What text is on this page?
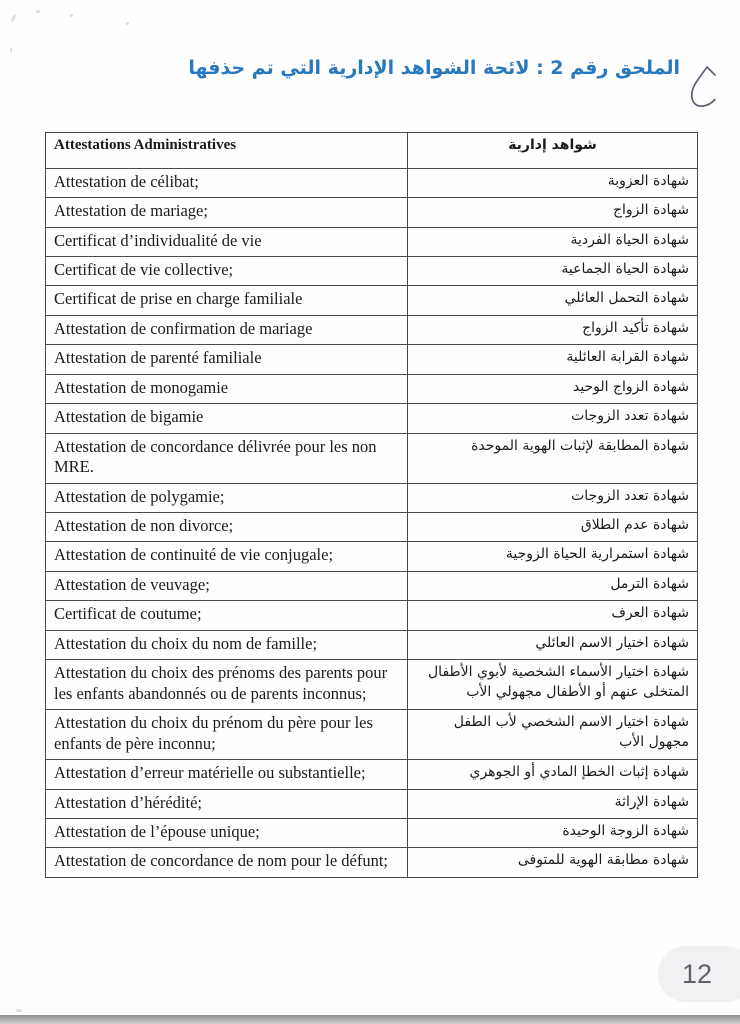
الملحق رقم 2 : لائحة الشواهد الإدارية التي تم حذفها
Attestations Administratives	شواهد إدارية
Attestation de célibat;	شهادة العزوبة
Attestation de mariage;	شهادة الزواج
Certificat d’individualité de vie	شهادة الحياة الفردية
Certificat de vie collective;	شهادة الحياة الجماعية
Certificat de prise en charge familiale	شهادة التحمل العائلي
Attestation de confirmation de mariage	شهادة تأكيد الزواج
Attestation de parenté familiale	شهادة القرابة العائلية
Attestation de monogamie	شهادة الزواج الوحيد
Attestation de bigamie	شهادة تعدد الزوجات
Attestation de concordance délivrée pour les non MRE.	شهادة المطابقة لإثبات الهوية الموحدة
Attestation de polygamie;	شهادة تعدد الزوجات
Attestation de non divorce;	شهادة عدم الطلاق
Attestation de continuité de vie conjugale;	شهادة استمرارية الحياة الزوجية
Attestation de veuvage;	شهادة الترمل
Certificat de coutume;	شهادة العرف
Attestation du choix du nom de famille;	شهادة اختيار الاسم العائلي
Attestation du choix des prénoms des parents pour les enfants abandonnés ou de parents inconnus;	شهادة اختيار الأسماء الشخصية لأبوي الأطفال المتخلى عنهم أو الأطفال مجهولي الأب
Attestation du choix du prénom du père pour les enfants de père inconnu;	شهادة اختيار الاسم الشخصي لأب الطفل مجهول الأب
Attestation d’erreur matérielle ou substantielle;	شهادة إثبات الخطإ المادي أو الجوهري
Attestation d’hérédité;	شهادة الإراثة
Attestation de l’épouse unique;	شهادة الزوجة الوحيدة
Attestation de concordance de nom pour le défunt;	شهادة مطابقة الهوية للمتوفى
12
